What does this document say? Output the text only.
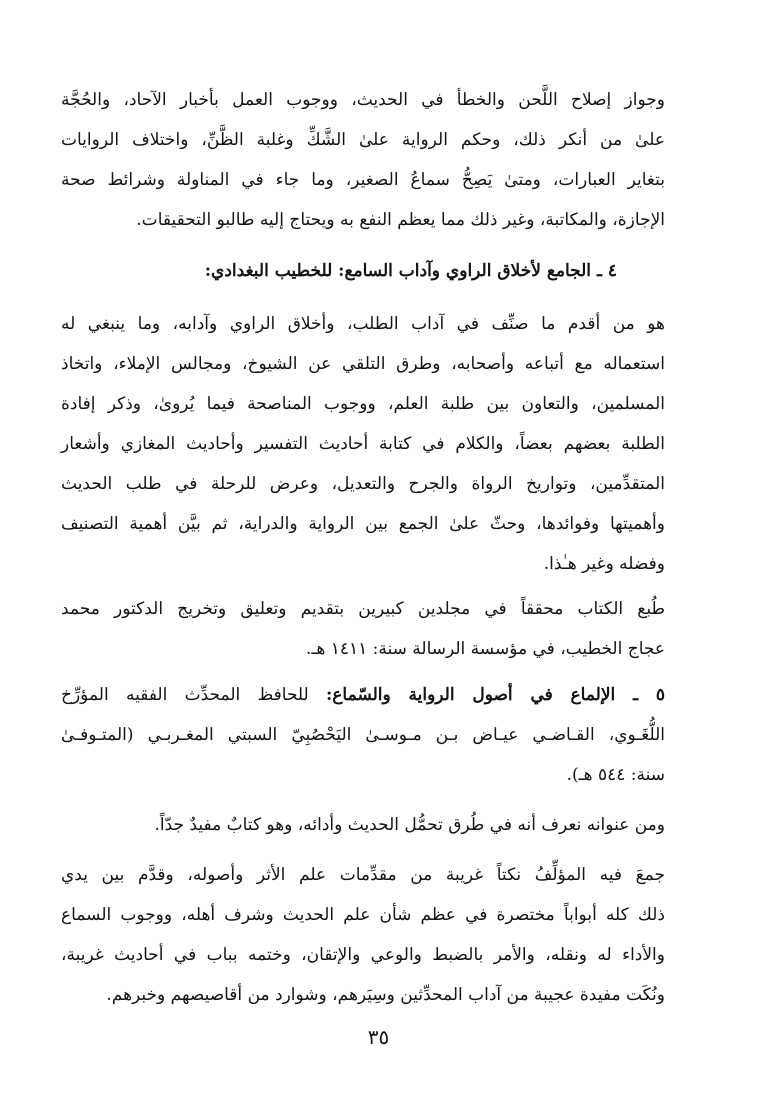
وجواز إصلاح اللَّحن والخطأ في الحديث، ووجوب العمل بأخبار الآحاد، والحُجَّة
علىٰ من أنكر ذلك، وحكم الرواية علىٰ الشَّكِّ وغلبة الظَّنِّ، واختلاف الروايات
بتغاير العبارات، ومتىٰ يَصِحُّ سماعُ الصغير، وما جاء في المناولة وشرائط صحة
الإجازة، والمكاتبة، وغير ذلك مما يعظم النفع به ويحتاج إليه طالبو التحقيقات.
٤ ـ الجامع لأخلاق الراوي وآداب السامع: للخطيب البغدادي:
هو من أقدم ما صنِّف في آداب الطلب، وأخلاق الراوي وآدابه، وما ينبغي له
استعماله مع أتباعه وأصحابه، وطرق التلقي عن الشيوخ، ومجالس الإملاء، واتخاذ
المسلمين، والتعاون بين طلبة العلم، ووجوب المناصحة فيما يُروىٰ، وذكر إفادة
الطلبة بعضهم بعضاً، والكلام في كتابة أحاديث التفسير وأحاديث المغازي وأشعار
المتقدِّمين، وتواريخ الرواة والجرح والتعديل، وعرض للرحلة في طلب الحديث
وأهميتها وفوائدها، وحثّ علىٰ الجمع بين الرواية والدراية، ثم بيَّن أهمية التصنيف
وفضله وغير هـٰذا.
طُبع الكتاب محققاً في مجلدين كبيرين بتقديم وتعليق وتخريج الدكتور محمد
عجاج الخطيب، في مؤسسة الرسالة سنة: ١٤١١ هـ.
٥ ـ الإلماع في أصول الرواية والسّماع: للحافظ المحدِّث الفقيه المؤرِّخ
اللُّغَـوي، القـاضـي عيـاض بـن مـوسـىٰ اليَحْصُبِيّ السبتي المغـربـي (المتـوفـىٰ
سنة: ٥٤٤ هـ).
ومن عنوانه نعرف أنه في طُرق تحمُّل الحديث وأدائه، وهو كتابٌ مفيدٌ جدّاً.
جمعَ فيه المؤلِّفُ نكتاً غريبة من مقدِّمات علم الأثر وأصوله، وقدَّم بين يدي
ذلك كله أبواباً مختصرة في عظم شأن علم الحديث وشرف أهله، ووجوب السماع
والأداء له ونقله، والأمر بالضبط والوعي والإتقان، وختمه بباب في أحاديث غريبة،
ونُكَت مفيدة عجيبة من آداب المحدِّثين وسِيَرهم، وشوارد من أقاصيصهم وخبرهم.
٣٥
